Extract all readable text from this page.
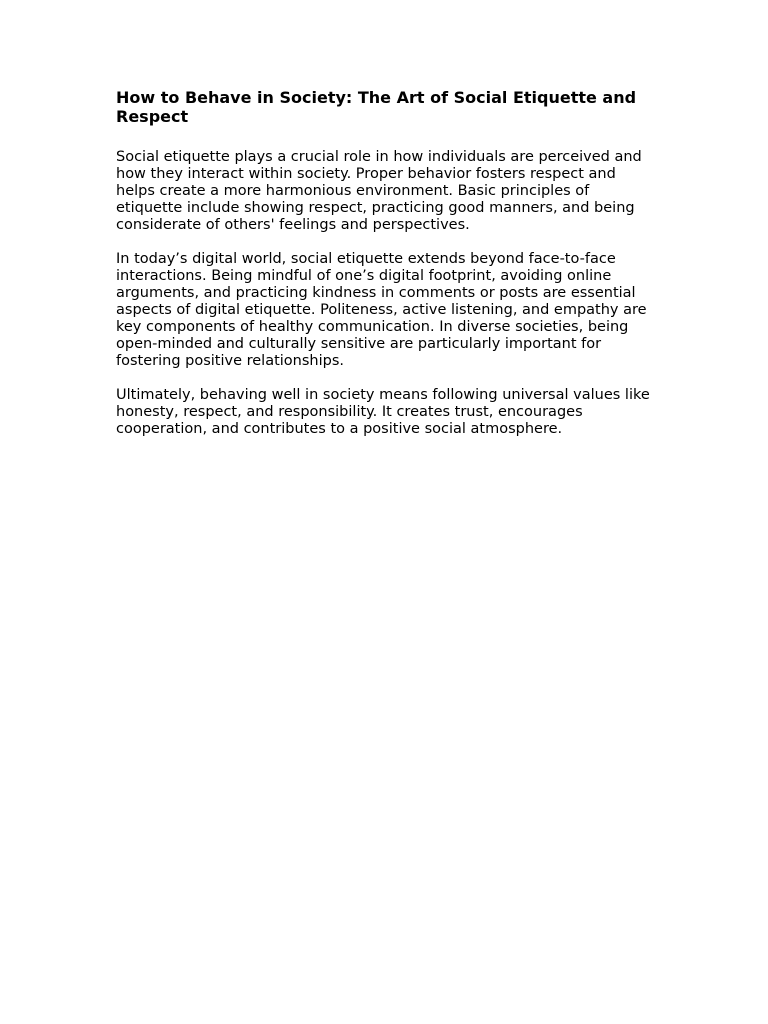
How to Behave in Society: The Art of Social Etiquette and Respect

Social etiquette plays a crucial role in how individuals are perceived and how they interact within society. Proper behavior fosters respect and helps create a more harmonious environment. Basic principles of etiquette include showing respect, practicing good manners, and being considerate of others' feelings and perspectives.

In today’s digital world, social etiquette extends beyond face-to-face interactions. Being mindful of one’s digital footprint, avoiding online arguments, and practicing kindness in comments or posts are essential aspects of digital etiquette. Politeness, active listening, and empathy are key components of healthy communication. In diverse societies, being open-minded and culturally sensitive are particularly important for fostering positive relationships.

Ultimately, behaving well in society means following universal values like honesty, respect, and responsibility. It creates trust, encourages cooperation, and contributes to a positive social atmosphere.
